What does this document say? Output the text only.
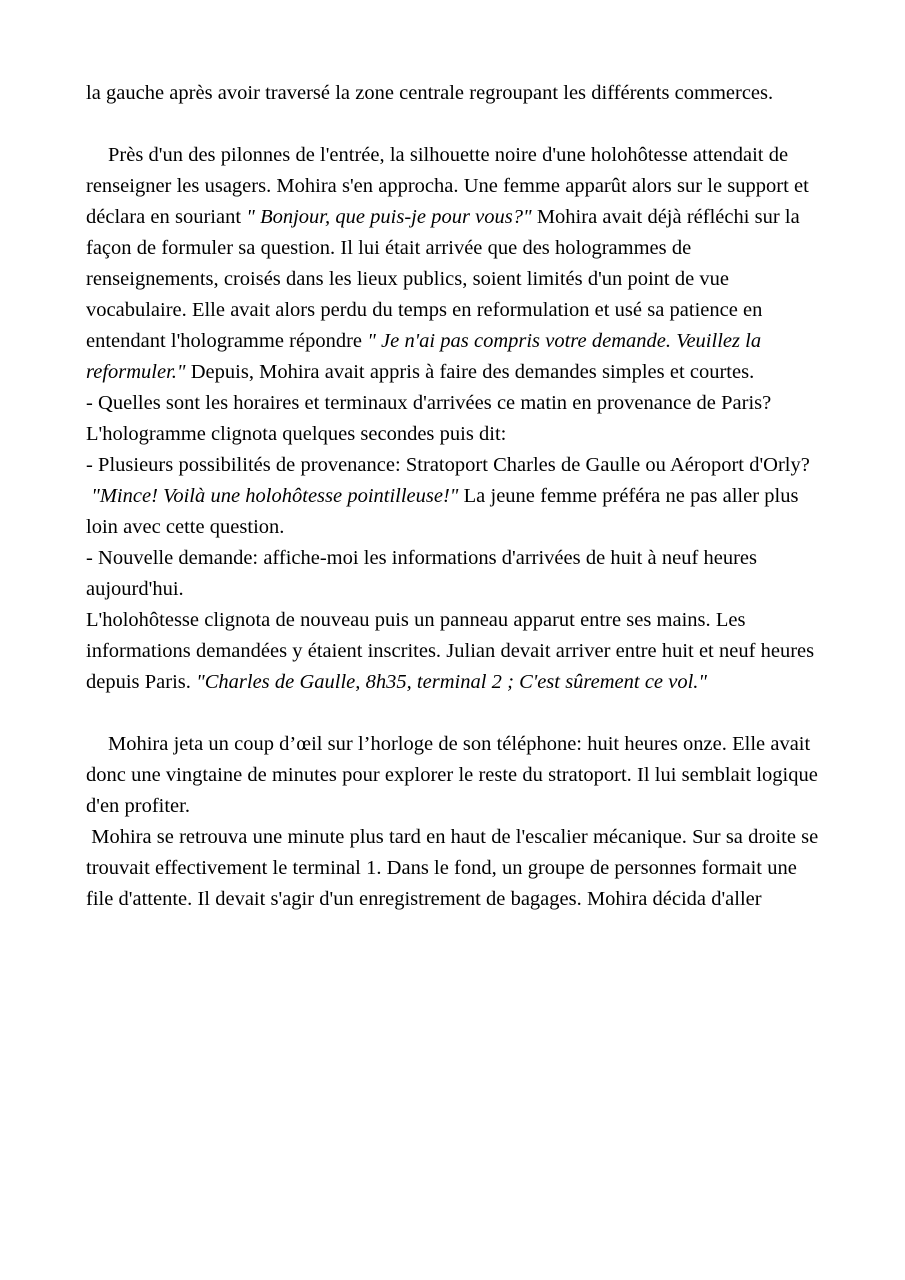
la gauche après avoir traversé la zone centrale regroupant les différents commerces.

Près d'un des pilonnes de l'entrée, la silhouette noire d'une holohôtesse attendait de renseigner les usagers. Mohira s'en approcha. Une femme apparût alors sur le support et déclara en souriant " Bonjour, que puis-je pour vous?" Mohira avait déjà réfléchi sur la façon de formuler sa question. Il lui était arrivée que des hologrammes de renseignements, croisés dans les lieux publics, soient limités d'un point de vue vocabulaire. Elle avait alors perdu du temps en reformulation et usé sa patience en entendant l'hologramme répondre " Je n'ai pas compris votre demande. Veuillez la reformuler." Depuis, Mohira avait appris à faire des demandes simples et courtes.

- Quelles sont les horaires et terminaux d'arrivées ce matin en provenance de Paris?

L'hologramme clignota quelques secondes puis dit:

- Plusieurs possibilités de provenance: Stratoport Charles de Gaulle ou Aéroport d'Orly?

"Mince! Voilà une holohôtesse pointilleuse!" La jeune femme préféra ne pas aller plus loin avec cette question.

- Nouvelle demande: affiche-moi les informations d'arrivées de huit à neuf heures aujourd'hui.

L'holohôtesse clignota de nouveau puis un panneau apparut entre ses mains. Les informations demandées y étaient inscrites. Julian devait arriver entre huit et neuf heures depuis Paris. "Charles de Gaulle, 8h35, terminal 2 ; C'est sûrement ce vol."

Mohira jeta un coup d’œil sur l’horloge de son téléphone: huit heures onze. Elle avait donc une vingtaine de minutes pour explorer le reste du stratoport. Il lui semblait logique d'en profiter.

Mohira se retrouva une minute plus tard en haut de l'escalier mécanique. Sur sa droite se trouvait effectivement le terminal 1. Dans le fond, un groupe de personnes formait une file d'attente. Il devait s'agir d'un enregistrement de bagages. Mohira décida d'aller
